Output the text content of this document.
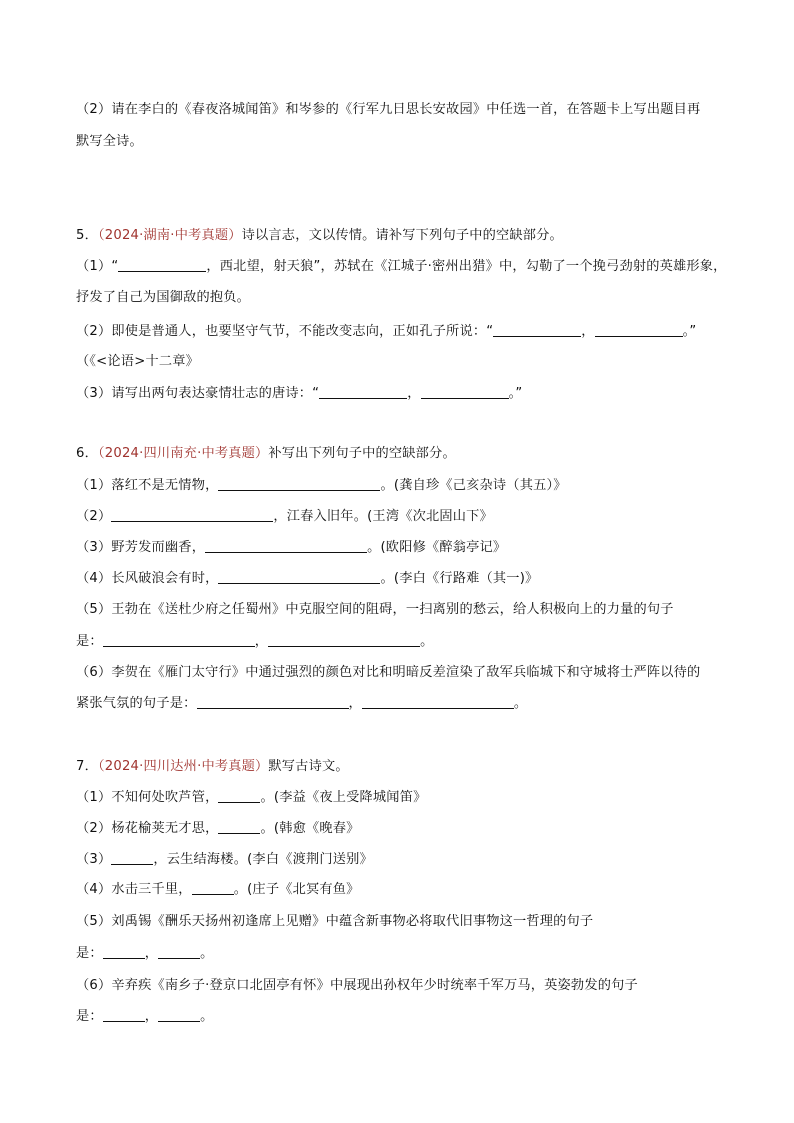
（2）请在李白的《春夜洛城闻笛》和岑参的《行军九日思长安故园》中任选一首，在答题卡上写出题目再
默写全诗。
5．（2024·湖南·中考真题）诗以言志，文以传情。请补写下列句子中的空缺部分。
（1）“	，西北望，射天狼”，苏轼在《江城子·密州出猎》中，勾勒了一个挽弓劲射的英雄形象，
抒发了自己为国御敌的抱负。
（2）即使是普通人，也要坚守气节，不能改变志向，正如孔子所说：“	，	。”
（《<论语>十二章》
（3）请写出两句表达豪情壮志的唐诗：“	，	。”
6．（2024·四川南充·中考真题）补写出下列句子中的空缺部分。
（1）落红不是无情物，	。(龚自珍《己亥杂诗（其五）》
（2）	，江春入旧年。(王湾《次北固山下》
（3）野芳发而幽香，	。(欧阳修《醉翁亭记》
（4）长风破浪会有时，	。(李白《行路难（其一)》
（5）王勃在《送杜少府之任蜀州》中克服空间的阻碍，一扫离别的愁云，给人积极向上的力量的句子
是：	，	。
（6）李贺在《雁门太守行》中通过强烈的颜色对比和明暗反差渲染了敌军兵临城下和守城将士严阵以待的
紧张气氛的句子是：	，	。
7．（2024·四川达州·中考真题）默写古诗文。
（1）不知何处吹芦管，	。(李益《夜上受降城闻笛》
（2）杨花榆荚无才思，	。(韩愈《晚春》
（3）	，云生结海楼。(李白《渡荆门送别》
（4）水击三千里，	。(庄子《北冥有鱼》
（5）刘禹锡《酬乐天扬州初逢席上见赠》中蕴含新事物必将取代旧事物这一哲理的句子
是：	，	。
（6）辛弃疾《南乡子·登京口北固亭有怀》中展现出孙权年少时统率千军万马，英姿勃发的句子
是：	，	。
